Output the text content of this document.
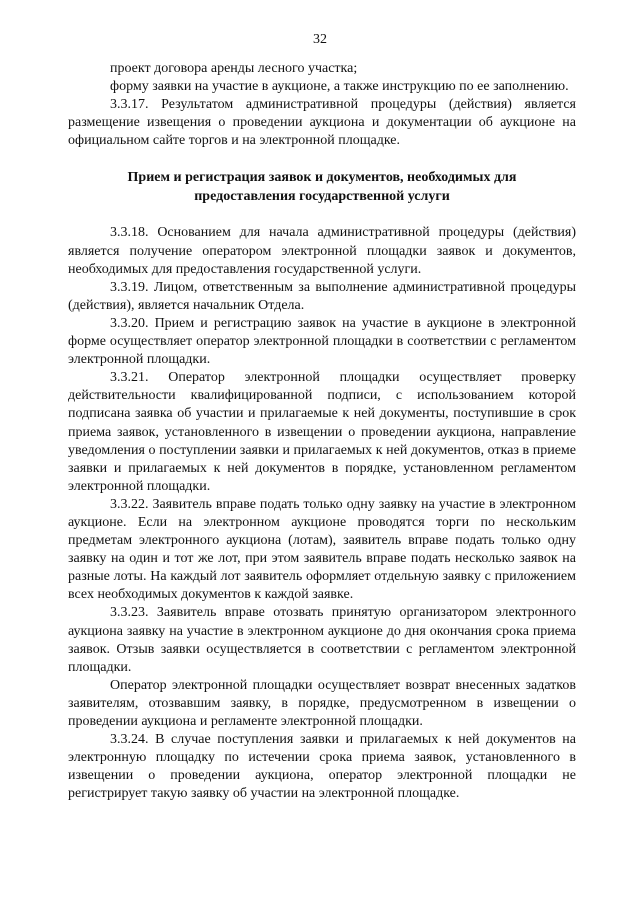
32

проект договора аренды лесного участка;

форму заявки на участие в аукционе, а также инструкцию по ее заполнению.

3.3.17. Результатом административной процедуры (действия) является размещение извещения о проведении аукциона и документации об аукционе на официальном сайте торгов и на электронной площадке.

Прием и регистрация заявок и документов, необходимых для предоставления государственной услуги

3.3.18. Основанием для начала административной процедуры (действия) является получение оператором электронной площадки заявок и документов, необходимых для предоставления государственной услуги.

3.3.19. Лицом, ответственным за выполнение административной процедуры (действия), является начальник Отдела.

3.3.20. Прием и регистрацию заявок на участие в аукционе в электронной форме осуществляет оператор электронной площадки в соответствии с регламентом электронной площадки.

3.3.21. Оператор электронной площадки осуществляет проверку действительности квалифицированной подписи, с использованием которой подписана заявка об участии и прилагаемые к ней документы, поступившие в срок приема заявок, установленного в извещении о проведении аукциона, направление уведомления о поступлении заявки и прилагаемых к ней документов, отказ в приеме заявки и прилагаемых к ней документов в порядке, установленном регламентом электронной площадки.

3.3.22. Заявитель вправе подать только одну заявку на участие в электронном аукционе. Если на электронном аукционе проводятся торги по нескольким предметам электронного аукциона (лотам), заявитель вправе подать только одну заявку на один и тот же лот, при этом заявитель вправе подать несколько заявок на разные лоты. На каждый лот заявитель оформляет отдельную заявку с приложением всех необходимых документов к каждой заявке.

3.3.23. Заявитель вправе отозвать принятую организатором электронного аукциона заявку на участие в электронном аукционе до дня окончания срока приема заявок. Отзыв заявки осуществляется в соответствии с регламентом электронной площадки.

Оператор электронной площадки осуществляет возврат внесенных задатков заявителям, отозвавшим заявку, в порядке, предусмотренном в извещении о проведении аукциона и регламенте электронной площадки.

3.3.24. В случае поступления заявки и прилагаемых к ней документов на электронную площадку по истечении срока приема заявок, установленного в извещении о проведении аукциона, оператор электронной площадки не регистрирует такую заявку об участии на электронной площадке.
